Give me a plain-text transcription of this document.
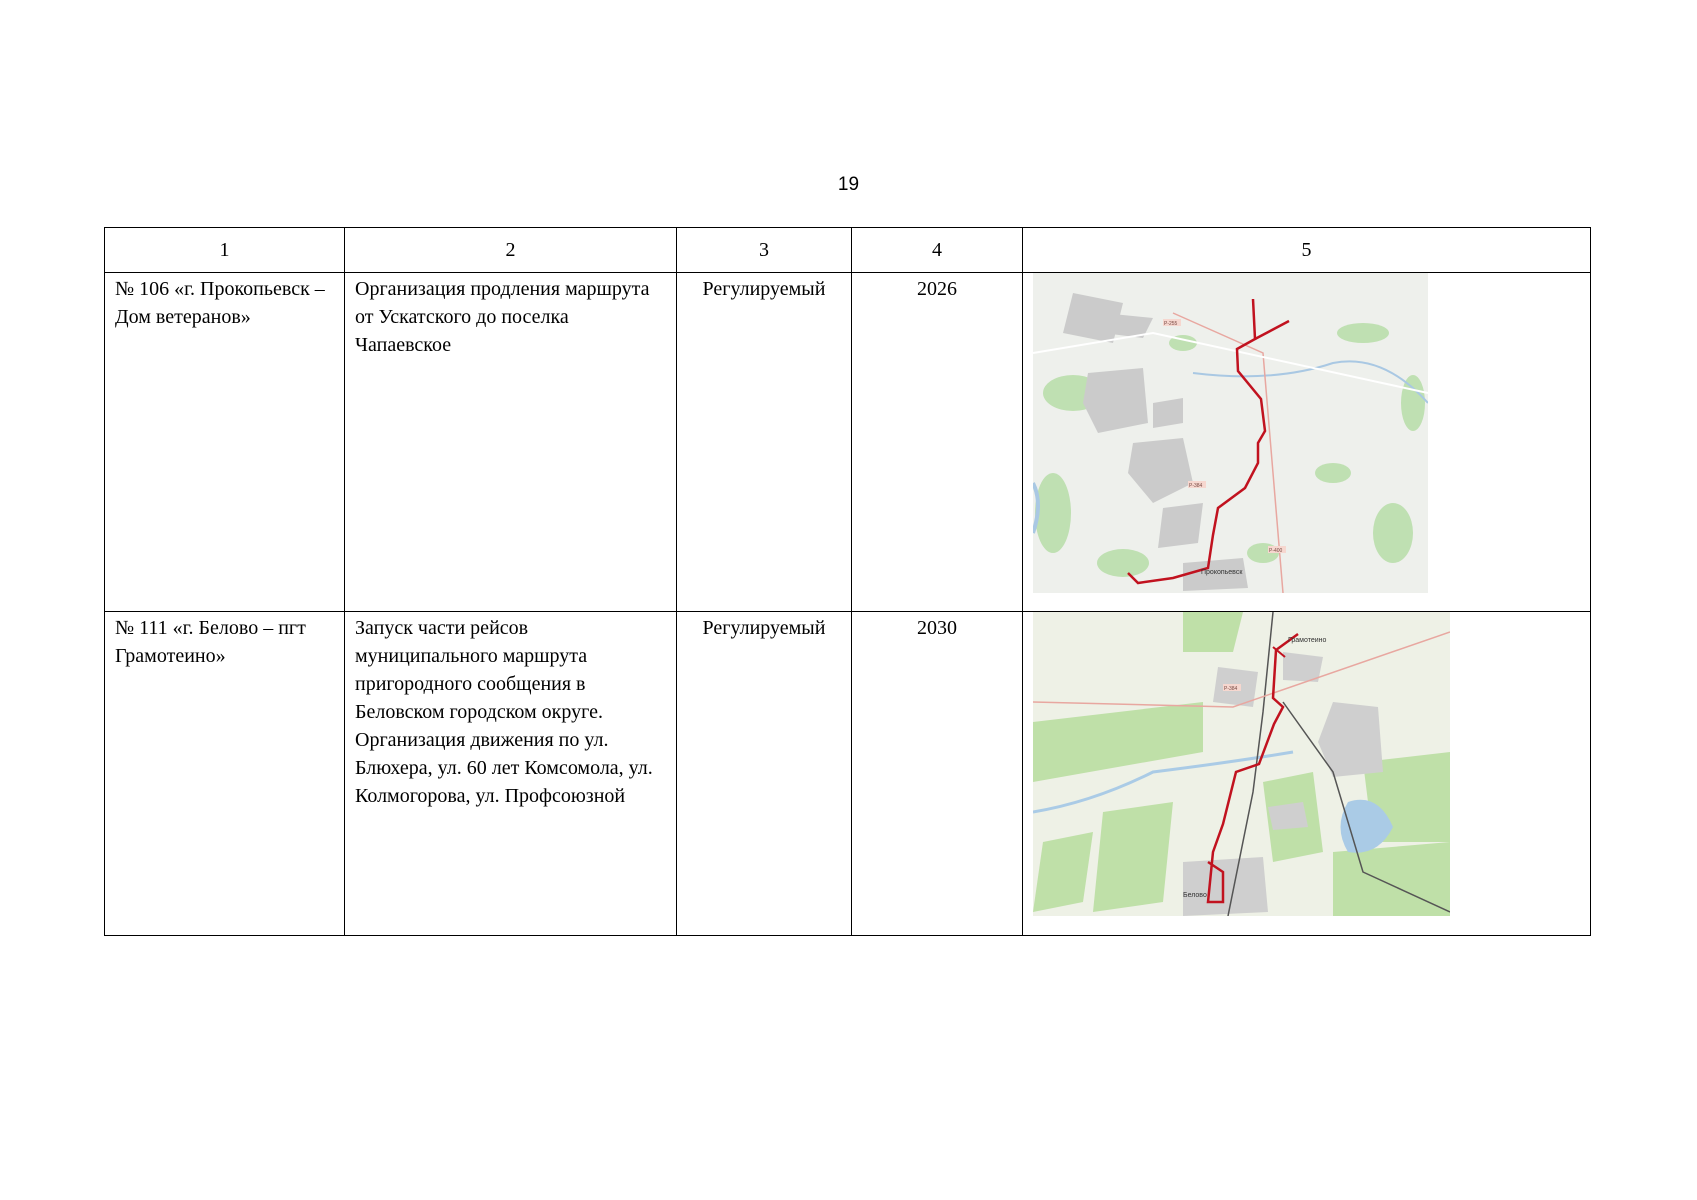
19
1	2	3	4	5

№ 106 «г. Прокопьевск – Дом ветеранов»	Организация продления маршрута от Ускатского до поселка Чапаевское	Регулируемый	2026	Р-255
Р-384
Р-400
Прокопьевск

№ 111 «г. Белово – пгт Грамотеино»	Запуск части рейсов муниципального маршрута пригородного сообщения в Беловском городском округе. Организация движения по ул. Блюхера, ул. 60 лет Комсомола, ул. Колмогорова, ул. Профсоюзной	Регулируемый	2030	Р-384
Белово
Грамотеино
